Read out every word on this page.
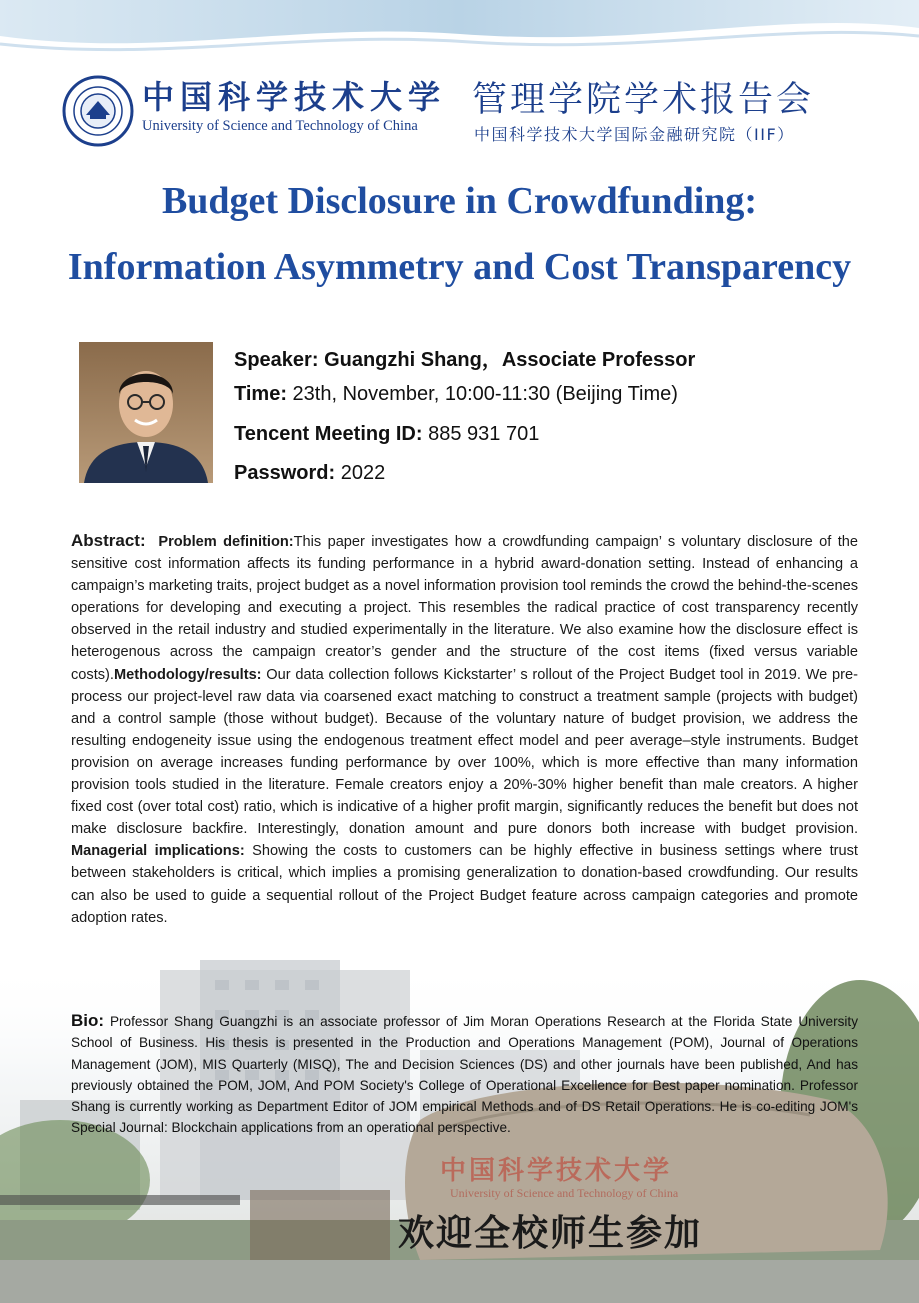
中国科学技术大学
University of Science and Technology of China
管理学院学术报告会
中国科学技术大学国际金融研究院（IIF）
Budget Disclosure in Crowdfunding:
Information Asymmetry and Cost Transparency
Speaker: Guangzhi Shang，Associate Professor
Time: 23th, November, 10:00-11:30 (Beijing Time)
Tencent Meeting ID: 885 931 701
Password: 2022
Abstract: Problem definition:This paper investigates how a crowdfunding campaign’ s voluntary disclosure of the sensitive cost information affects its funding performance in a hybrid award-donation setting. Instead of enhancing a campaign’s marketing traits, project budget as a novel information provision tool reminds the crowd the behind-the-scenes operations for developing and executing a project. This resembles the radical practice of cost transparency recently observed in the retail industry and studied experimentally in the literature. We also examine how the disclosure effect is heterogenous across the campaign creator’s gender and the structure of the cost items (fixed versus variable costs).Methodology/results: Our data collection follows Kickstarter’ s rollout of the Project Budget tool in 2019. We pre-process our project-level raw data via coarsened exact matching to construct a treatment sample (projects with budget) and a control sample (those without budget). Because of the voluntary nature of budget provision, we address the resulting endogeneity issue using the endogenous treatment effect model and peer average–style instruments. Budget provision on average increases funding performance by over 100%, which is more effective than many information provision tools studied in the literature. Female creators enjoy a 20%-30% higher benefit than male creators. A higher fixed cost (over total cost) ratio, which is indicative of a higher profit margin, significantly reduces the benefit but does not make disclosure backfire. Interestingly, donation amount and pure donors both increase with budget provision. Managerial implications: Showing the costs to customers can be highly effective in business settings where trust between stakeholders is critical, which implies a promising generalization to donation-based crowdfunding. Our results can also be used to guide a sequential rollout of the Project Budget feature across campaign categories and promote adoption rates.
Bio: Professor Shang Guangzhi is an associate professor of Jim Moran Operations Research at the Florida State University School of Business. His thesis is presented in the Production and Operations Management (POM), Journal of Operations Management (JOM), MIS Quarterly (MISQ), The and Decision Sciences (DS) and other journals have been published, And has previously obtained the POM, JOM, And POM Society's College of Operational Excellence for Best paper nomination. Professor Shang is currently working as Department Editor of JOM empirical Methods and of DS Retail Operations. He is co-editing JOM's Special Journal: Blockchain applications from an operational perspective.
中国科学技术大学
University of Science and Technology of China
欢迎全校师生参加
